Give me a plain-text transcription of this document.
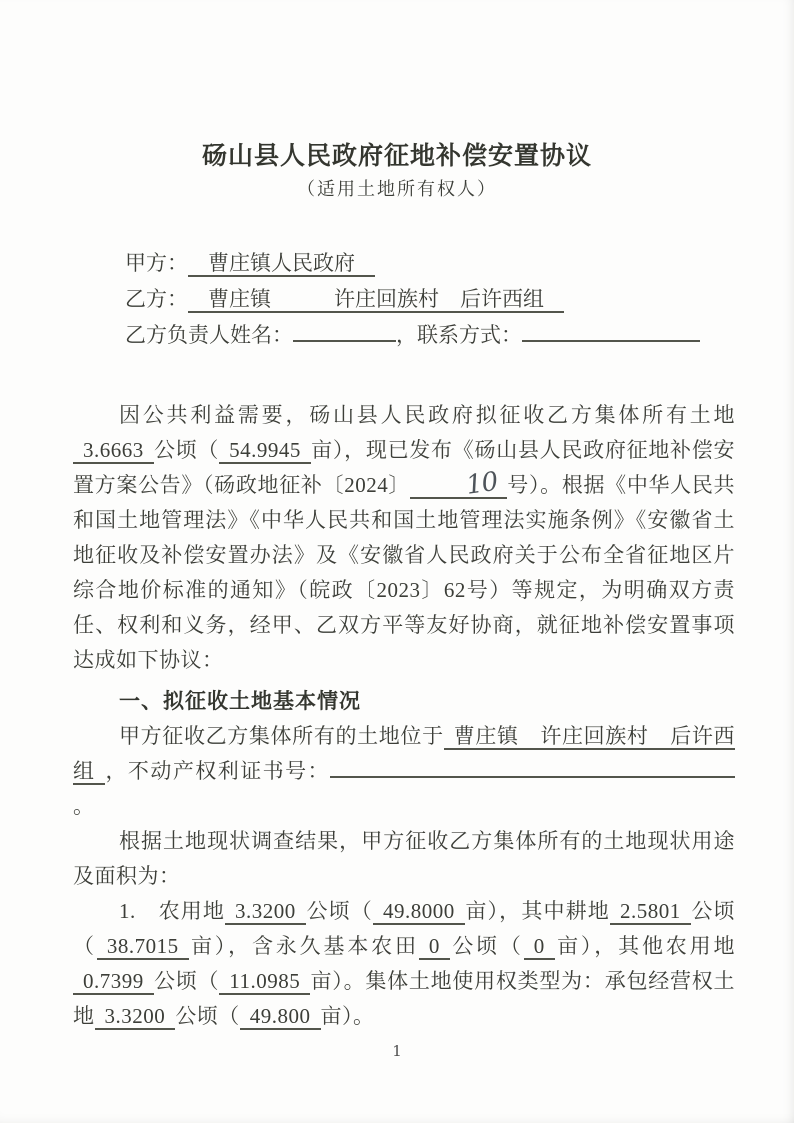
砀山县人民政府征地补偿安置协议
（适用土地所有权人）
甲方： 曹庄镇人民政府
乙方： 曹庄镇　　　许庄回族村　后许西组
乙方负责人姓名：	，联系方式：

因公共利益需要，砀山县人民政府拟征收乙方集体所有土地3.6663 公顷（ 54.9945 亩），现已发布《砀山县人民政府征地补偿安置方案公告》（砀政地征补〔2024〕 10 号）。根据《中华人民共和国土地管理法》《中华人民共和国土地管理法实施条例》《安徽省土地征收及补偿安置办法》及《安徽省人民政府关于公布全省征地区片综合地价标准的通知》（皖政〔2023〕62号）等规定，为明确双方责任、权利和义务，经甲、乙双方平等友好协商，就征地补偿安置事项达成如下协议：

一、拟征收土地基本情况

甲方征收乙方集体所有的土地位于 曹庄镇　许庄回族村　后许西组 ，不动产权利证书号：。

根据土地现状调查结果，甲方征收乙方集体所有的土地现状用途及面积为：

1.　农用地 3.3200 公顷（ 49.8000 亩），其中耕地 2.5801 公顷（ 38.7015 亩），含永久基本农田 0 公顷（ 0 亩），其他农用地0.7399 公顷（ 11.0985 亩）。集体土地使用权类型为：承包经营权土地 3.3200 公顷（ 49.800 亩）。

1
